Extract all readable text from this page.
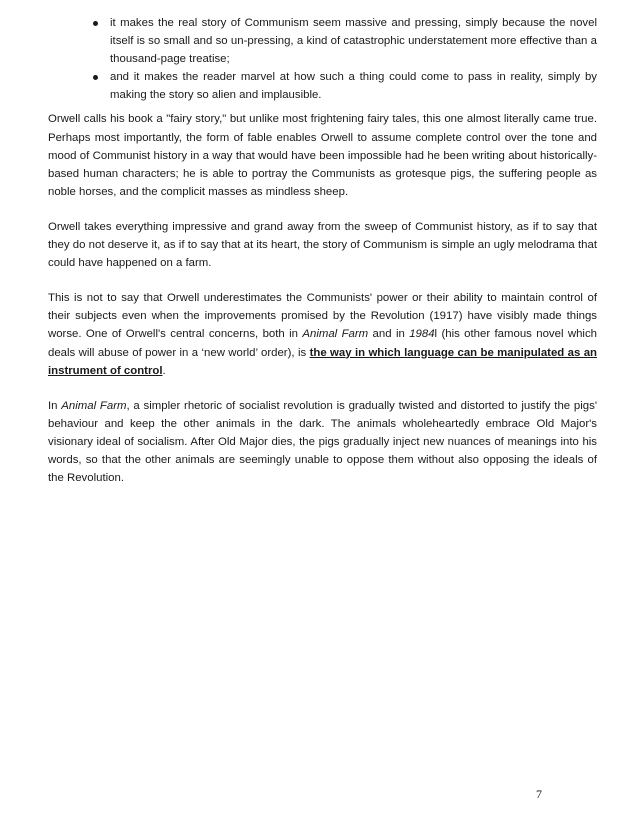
it makes the real story of Communism seem massive and pressing, simply because the novel itself is so small and so un-pressing, a kind of catastrophic understatement more effective than a thousand-page treatise;
and it makes the reader marvel at how such a thing could come to pass in reality, simply by making the story so alien and implausible.

Orwell calls his book a "fairy story," but unlike most frightening fairy tales, this one almost literally came true. Perhaps most importantly, the form of fable enables Orwell to assume complete control over the tone and mood of Communist history in a way that would have been impossible had he been writing about historically-based human characters; he is able to portray the Communists as grotesque pigs, the suffering people as noble horses, and the complicit masses as mindless sheep.

Orwell takes everything impressive and grand away from the sweep of Communist history, as if to say that they do not deserve it, as if to say that at its heart, the story of Communism is simple an ugly melodrama that could have happened on a farm.

This is not to say that Orwell underestimates the Communists' power or their ability to maintain control of their subjects even when the improvements promised by the Revolution (1917) have visibly made things worse. One of Orwell's central concerns, both in Animal Farm and in 1984l (his other famous novel which deals will abuse of power in a ‘new world’ order), is the way in which language can be manipulated as an instrument of control.

In Animal Farm, a simpler rhetoric of socialist revolution is gradually twisted and distorted to justify the pigs' behaviour and keep the other animals in the dark. The animals wholeheartedly embrace Old Major's visionary ideal of socialism. After Old Major dies, the pigs gradually inject new nuances of meanings into his words, so that the other animals are seemingly unable to oppose them without also opposing the ideals of the Revolution.

7
